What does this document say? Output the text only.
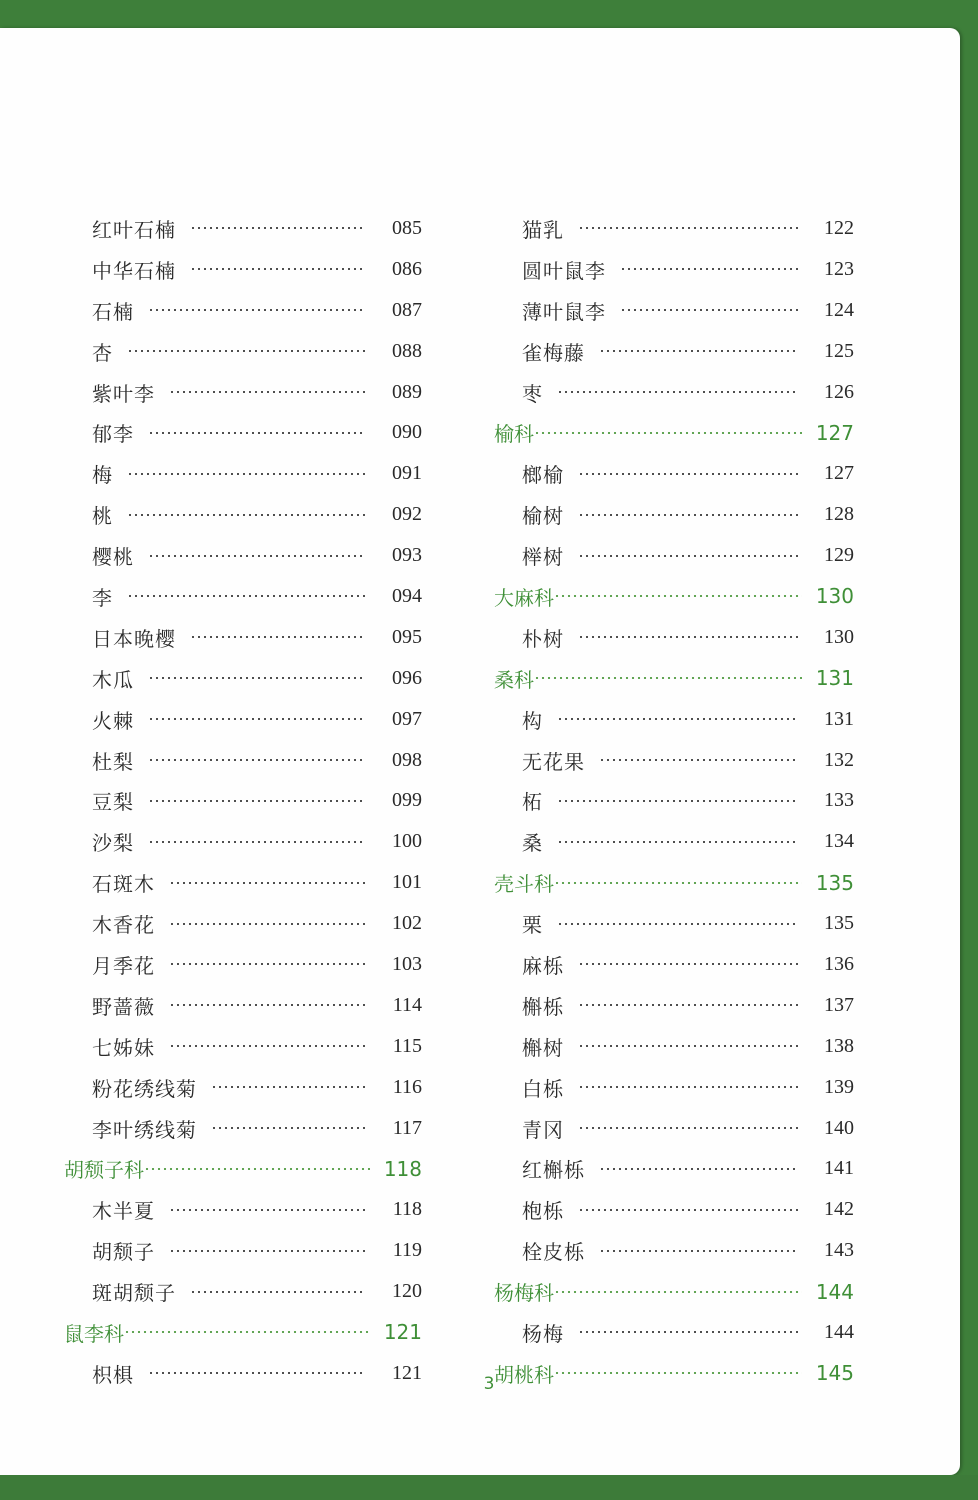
红叶石楠	085
中华石楠	086
石楠	087
杏	088
紫叶李	089
郁李	090
梅	091
桃	092
樱桃	093
李	094
日本晚樱	095
木瓜	096
火棘	097
杜梨	098
豆梨	099
沙梨	100
石斑木	101
木香花	102
月季花	103
野蔷薇	114
七姊妹	115
粉花绣线菊	116
李叶绣线菊	117
胡颓子科	118
木半夏	118
胡颓子	119
斑胡颓子	120
鼠李科	121
枳椇	121
猫乳	122
圆叶鼠李	123
薄叶鼠李	124
雀梅藤	125
枣	126
榆科	127
榔榆	127
榆树	128
榉树	129
大麻科	130
朴树	130
桑科	131
构	131
无花果	132
柘	133
桑	134
壳斗科	135
栗	135
麻栎	136
槲栎	137
槲树	138
白栎	139
青冈	140
红槲栎	141
枹栎	142
栓皮栎	143
杨梅科	144
杨梅	144
胡桃科	145
3
